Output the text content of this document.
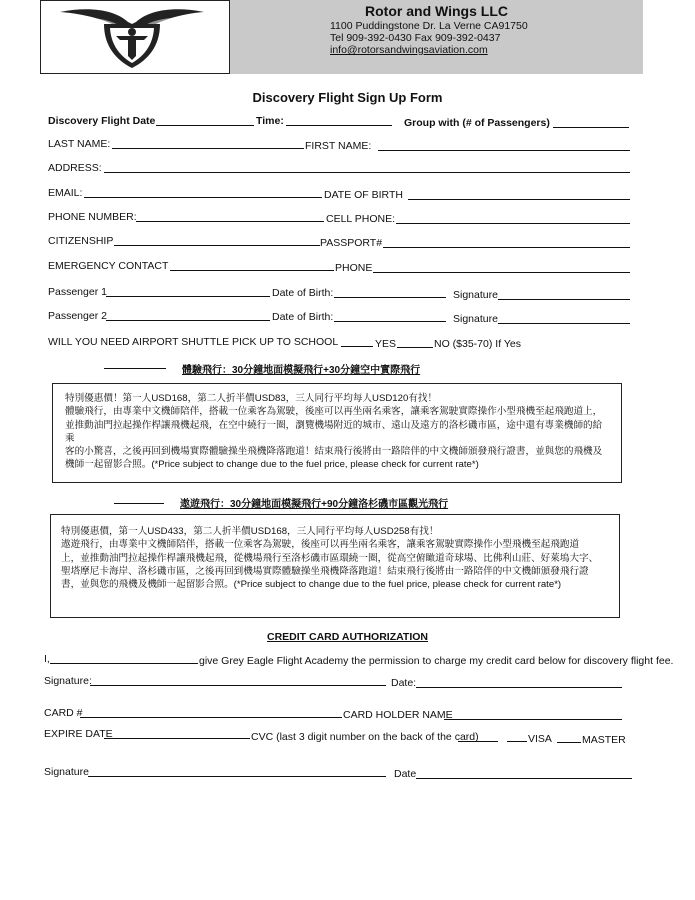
Rotor and Wings LLC
1100 Puddingstone Dr. La Verne CA91750
Tel 909-392-0430 Fax 909-392-0437
info@rotorsandwingsaviation.com
Discovery Flight Sign Up Form
Discovery Flight Date	Time:	Group with (# of Passengers)
LAST NAME:	FIRST NAME:
ADDRESS:
EMAIL:	DATE OF BIRTH
PHONE NUMBER:	CELL PHONE:
CITIZENSHIP	PASSPORT#
EMERGENCY CONTACT	PHONE
Passenger 1	Date of Birth:	Signature
Passenger 2	Date of Birth:	Signature
WILL YOU NEED AIRPORT SHUTTLE PICK UP TO SCHOOL	YES	NO ($35-70) If Yes
體驗飛行：30分鐘地面模擬飛行+30分鐘空中實際飛行

特別優惠價！第一人USD168，第二人折半價USD83，三人同行平均每人USD120有找！

體驗飛行，由專業中文機師陪伴，搭載一位乘客為駕駛，後座可以再坐兩名乘客，讓乘客駕駛實際操作小型飛機至起飛跑道上，

並推動油門拉起操作桿讓飛機起飛，在空中繞行一圈，瀏覽機場附近的城市、遠山及遠方的洛杉磯市區，途中還有專業機師的給乘

客的小驚喜，之後再回到機場實際體驗操坐飛機降落跑道！結束飛行後將由一路陪伴的中文機師頒發飛行證書，並與您的飛機及

機師一起留影合照。(*Price subject to change due to the fuel price, please check for current rate*)

遨遊飛行：30分鐘地面模擬飛行+90分鐘洛杉磯市區觀光飛行

特別優惠價，第一人USD433，第二人折半價USD168，三人同行平均每人USD258有找！

遨遊飛行，由專業中文機師陪伴，搭載一位乘客為駕駛，後座可以再坐兩名乘客，讓乘客駕駛實際操作小型飛機至起飛跑道

上，並推動油門拉起操作桿讓飛機起飛，從機場飛行至洛杉磯市區環繞一圈，從高空俯瞰道奇球場、比佛利山莊、好萊塢大字、

聖塔摩尼卡海岸、洛杉磯市區，之後再回到機場實際體驗操坐飛機降落跑道！結束飛行後將由一路陪伴的中文機師頒發飛行證

書，並與您的飛機及機師一起留影合照。(*Price subject to change due to the fuel price, please check for current rate*)

CREDIT CARD AUTHORIZATION
I,	give Grey Eagle Flight Academy the permission to charge my credit card below for discovery flight fee.
Signature:	Date:
CARD #	CARD HOLDER NAME
EXPIRE DATE	CVC (last 3 digit number on the back of the card)	VISA	MASTER
Signature	Date
